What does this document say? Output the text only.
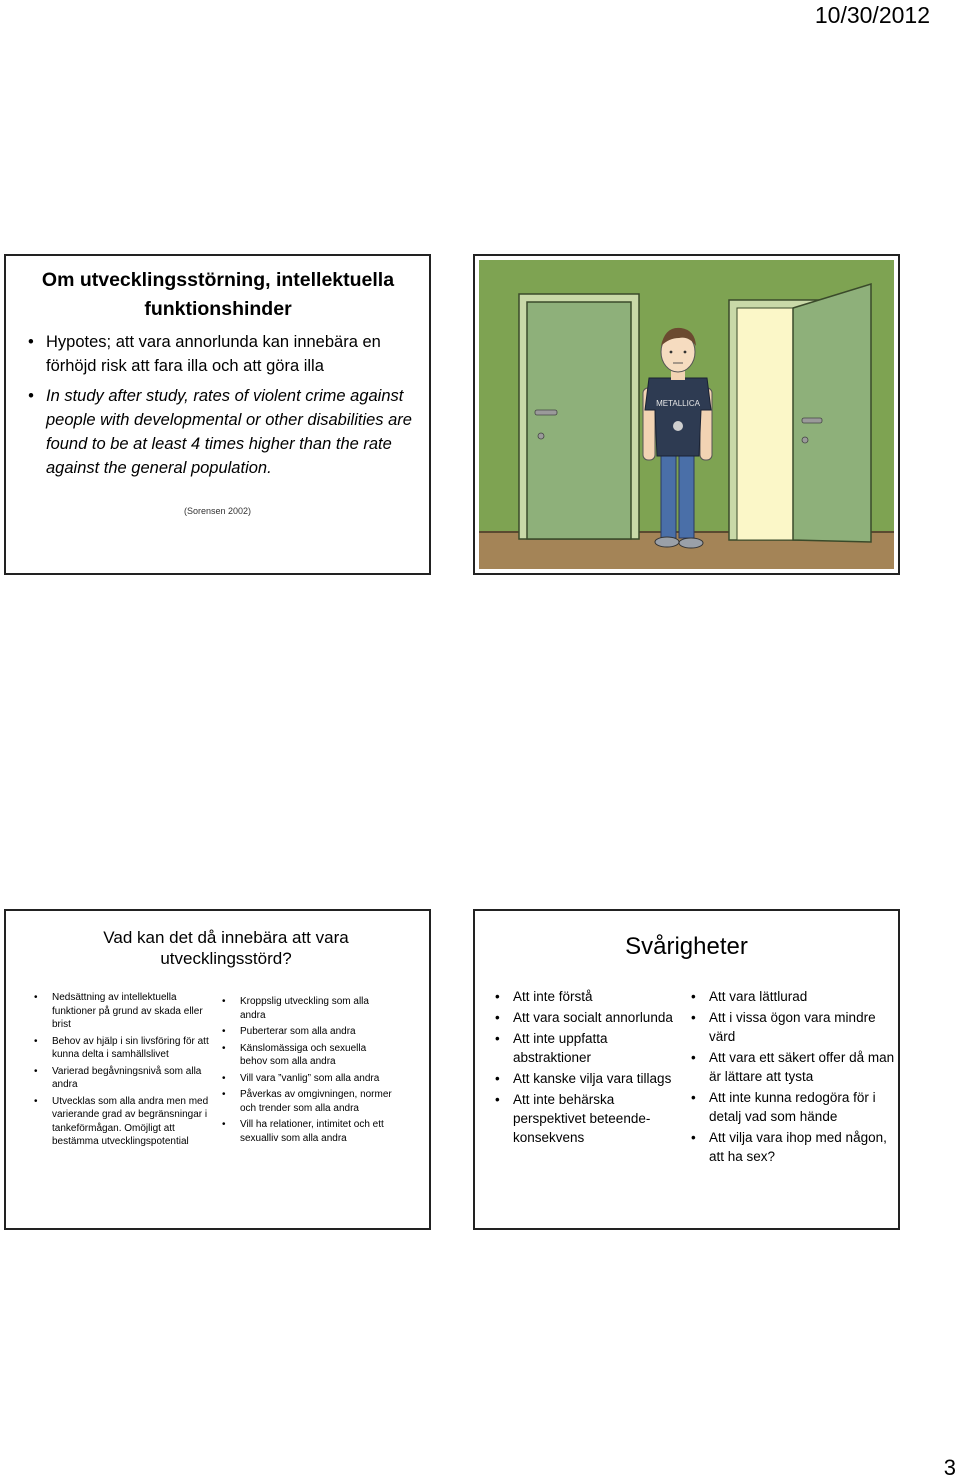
10/30/2012
Om utvecklingsstörning, intellektuella funktionshinder
• Hypotes; att vara annorlunda kan innebära en förhöjd risk att fara illa och att göra illa
• In study after study, rates of violent crime against people with developmental or other disabilities are found to be at least 4 times higher than the rate against the general population.
(Sorensen 2002)
METALLICA
Vad kan det då innebära att vara utvecklingsstörd?
• Nedsättning av intellektuella funktioner på grund av skada eller brist
• Behov av hjälp i sin livsföring för att kunna delta i samhällslivet
• Varierad begåvningsnivå som alla andra
• Utvecklas som alla andra men med varierande grad av begränsningar i tankeförmågan. Omöjligt att bestämma utvecklingspotential
• Kroppslig utveckling som alla andra
• Puberterar som alla andra
• Känslomässiga och sexuella behov som alla andra
• Vill vara ”vanlig” som alla andra
• Påverkas av omgivningen, normer och trender som alla andra
• Vill ha relationer, intimitet och ett sexualliv som alla andra
Svårigheter
• Att inte förstå
• Att vara socialt annorlunda
• Att inte uppfatta abstraktioner
• Att kanske vilja vara tillags
• Att inte behärska perspektivet beteende-konsekvens
• Att vara lättlurad
• Att i vissa ögon vara mindre värd
• Att vara ett säkert offer då man är lättare att tysta
• Att inte kunna redogöra för i detalj vad som hände
• Att vilja vara ihop med någon, att ha sex?
3
